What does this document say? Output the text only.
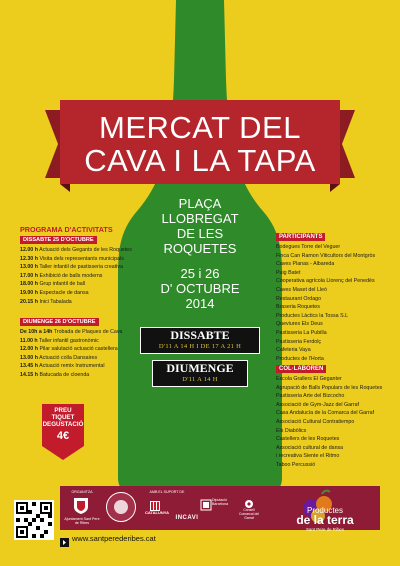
MERCAT DEL
CAVA I LA TAPA
PLAÇA
LLOBREGAT
DE LES
ROQUETES
25 i 26
D' OCTUBRE
2014
DISSABTE
D'11 A 14 H I DE 17 A 21 H
DIUMENGE
D'11 A 14 H
PROGRAMA D'ACTIVITATS
DISSABTE 25 D'OCTUBRE
12.00 h Actuació dels Gegants de les Roquetes
12.30 h Visita dels representants municipals
13.00 h Taller infantil de pastisseria creativa
17.00 h Exhibició de balls moderns
18.00 h Grup infantil de ball
19.00 h Espectacle de dansa
20.15 h Inici Tabalada
DIUMENGE 26 D'OCTUBRE
De 10h a 14h Trobada de Plaques de Cava
11.00 h Taller infantil gastronòmic
12.00 h Pilar salutació actuació castellera
13.00 h Actuació colla Dansaires
13.45 h Actuació remix Instrumental
14.15 h Batucada de cloenda
PREU
TIQUET
DEGUSTACIÓ
4€
PARTICIPANTS
Bodegues Torre del Veguer
Finca Can Ramon Viticultors del Montgròs
Caves Planas - Albareda
Puig Batet
Cooperativa agrícola Llorenç del Penedès
Caves Maset del Lleó
Restaurant Ordago
Braseria Roquetes
Productes Làctics la Tossa S.L
Queviures Els Deus
Pastisseria La Pubilla
Pastisseria Ferdolç
Cafeteria Vaya
Productes de l'Horta
COL·LABOREN
Escola Grallers El Geganter
Agrupació de Balls Populars de les Roquetes
Pastisseria Arte del Bizcocho
Associació de Gym-Jazz del Garraf
Casa Andalucía de la Comarca del Garraf
Associació Cultural Contratiempo
Els Diabòlics
Castellers de les Roquetes
Associació cultural de dansa
i recreativa Siente el Ritmo
Taboo Percussió
ORGANITZA
Ajuntament Sant Pere de Ribes
AMB EL SUPORT DE
CATALUNYA
INCAVI
Diputació Barcelona
Consell Comarcal del Garraf
Productes
de la terra
Sant Pere de Ribes
www.santperederibes.cat
